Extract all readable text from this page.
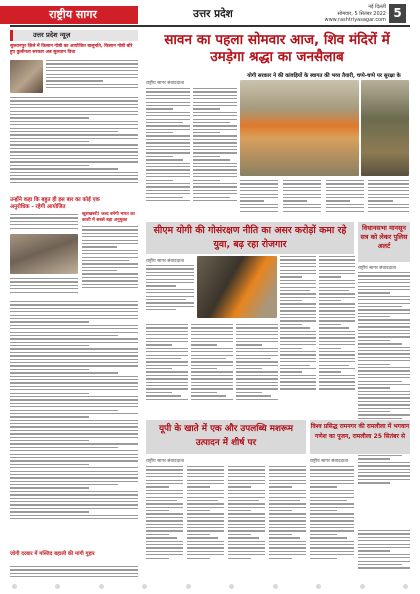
राष्ट्रीय सागर	उत्तर प्रदेश
नई दिल्ली
सोमवार, 5 सितंबर 2022
www.rashtriyasagar.com 5
उत्तर प्रदेश न्यूज़
सुल्तानपुर ज़िले में किसान गोष्ठी का आयोजित बालूमति, किसान गोष्ठी बोरे हुए कुलीनता सरकार अब सुलतान विधा
उन्होंने कहा कि बहुत ही इस बार का कोई एक अनुरोधिक - रहेगी आयोजित
खुशखबरी! जल्द बनेगी भारत का काशी में सबसे बड़ा अनुमुक्त
जोगी दरबार में मस्जिद बहाली की मांगी गुहार
सावन का पहला सोमवार आज, शिव मंदिरों में उमड़ेगा श्रद्धा का जनसैलाब
योगी सरकार ने की कांवड़ियों के स्वागत की भव्य तैयारी, चप्पे-चप्पे पर सुरक्षा के
राष्ट्रीय सागर संवाददाता
सीएम योगी की गोसंरक्षण नीति का असर करोड़ों कमा रहे युवा, बढ़ रहा रोजगार
राष्ट्रीय सागर संवाददाता
विधानसभा मानसून सत्र को लेकर पुलिस अलर्ट
राष्ट्रीय सागर संवाददाता
यूपी के खाते में एक और उपलब्धि मशरूम उत्पादन में शीर्ष पर
राष्ट्रीय सागर संवाददाता
विश्व प्रसिद्ध रामनगर की रामलीला में भगवान गणेश का पूजन, रामलीला 25 सितंबर से
राष्ट्रीय सागर संवाददाता
